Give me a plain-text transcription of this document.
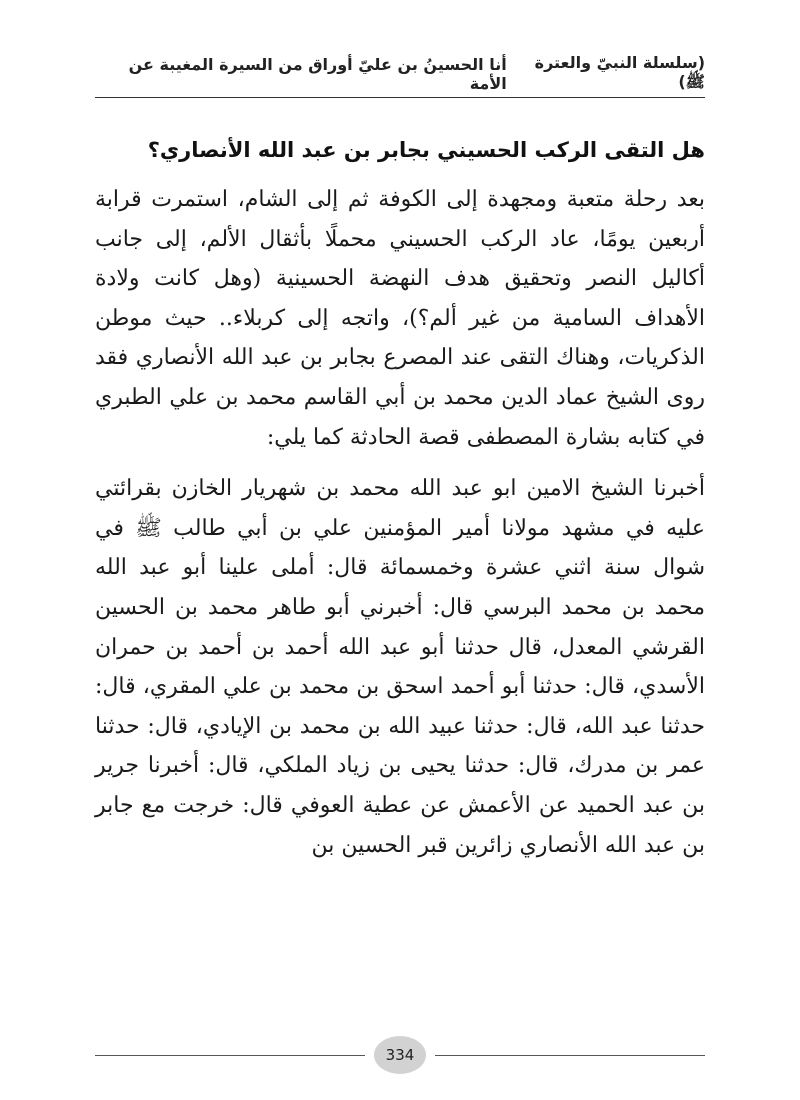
(سلسلة النبيّ والعترة ﷺ)
أنا الحسينُ بن عليّ أوراق من السيرة المغيبة عن الأمة
هل التقى الركب الحسيني بجابر بن عبد الله الأنصاري؟

بعد رحلة متعبة ومجهدة إلى الكوفة ثم إلى الشام، استمرت قرابة أربعين يومًا، عاد الركب الحسيني محملًا بأثقال الألم، إلى جانب أكاليل النصر وتحقيق هدف النهضة الحسينية (وهل كانت ولادة الأهداف السامية من غير ألم؟)، واتجه إلى كربلاء.. حيث موطن الذكريات، وهناك التقى عند المصرع بجابر بن عبد الله الأنصاري فقد روى الشيخ عماد الدين محمد بن أبي القاسم محمد بن علي الطبري في كتابه بشارة المصطفى قصة الحادثة كما يلي:

أخبرنا الشيخ الامين ابو عبد الله محمد بن شهريار الخازن بقرائتي عليه في مشهد مولانا أمير المؤمنين علي بن أبي طالب ﷺ في شوال سنة اثني عشرة وخمسمائة قال: أملى علينا أبو عبد الله محمد بن محمد البرسي قال: أخبرني أبو طاهر محمد بن الحسين القرشي المعدل، قال حدثنا أبو عبد الله أحمد بن أحمد بن حمران الأسدي، قال: حدثنا أبو أحمد اسحق بن محمد بن علي المقري، قال: حدثنا عبد الله، قال: حدثنا عبيد الله بن محمد بن الإيادي، قال: حدثنا عمر بن مدرك، قال: حدثنا يحيى بن زياد الملكي، قال: أخبرنا جرير بن عبد الحميد عن الأعمش عن عطية العوفي قال: خرجت مع جابر بن عبد الله الأنصاري زائرين قبر الحسين بن

334
